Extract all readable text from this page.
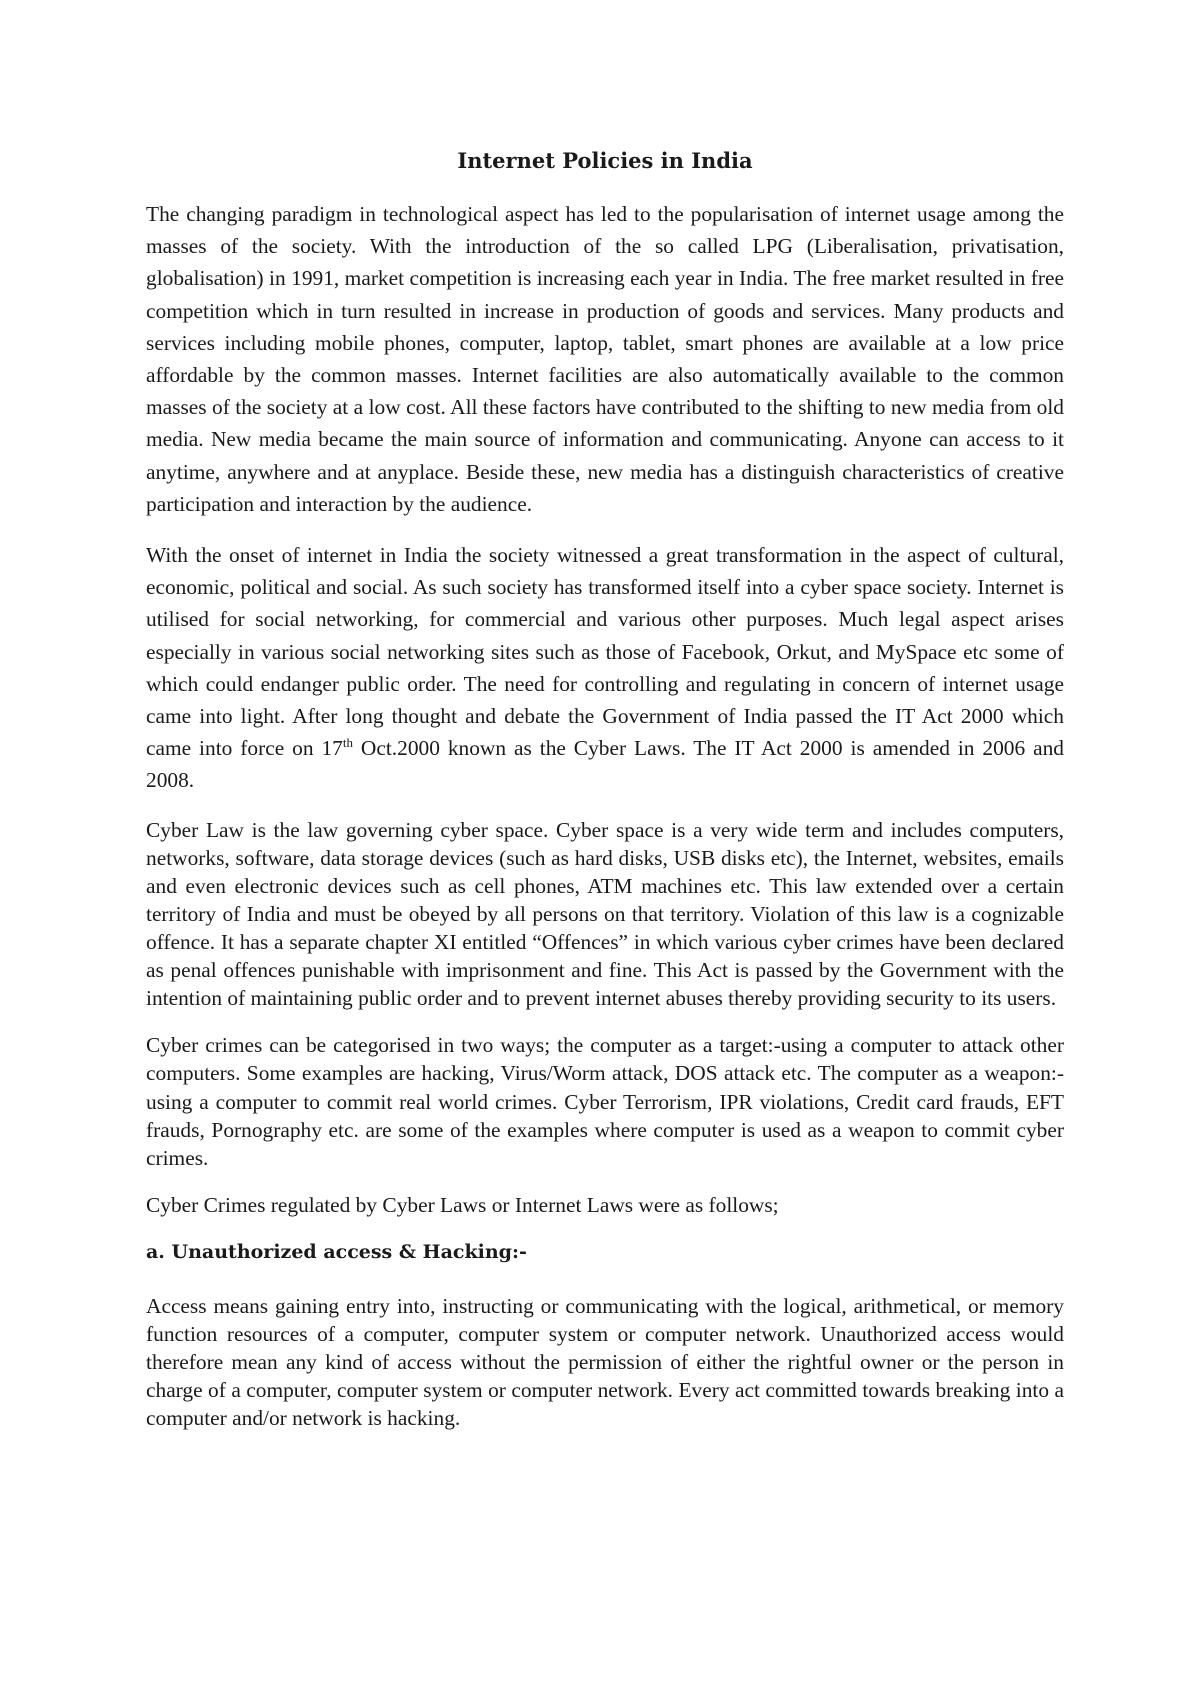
Internet Policies in India

The changing paradigm in technological aspect has led to the popularisation of internet usage among the masses of the society. With the introduction of the so called LPG (Liberalisation, privatisation, globalisation) in 1991, market competition is increasing each year in India. The free market resulted in free competition which in turn resulted in increase in production of goods and services. Many products and services including mobile phones, computer, laptop, tablet, smart phones are available at a low price affordable by the common masses. Internet facilities are also automatically available to the common masses of the society at a low cost. All these factors have contributed to the shifting to new media from old media. New media became the main source of information and communicating. Anyone can access to it anytime, anywhere and at anyplace. Beside these, new media has a distinguish characteristics of creative participation and interaction by the audience.

With the onset of internet in India the society witnessed a great transformation in the aspect of cultural, economic, political and social. As such society has transformed itself into a cyber space society. Internet is utilised for social networking, for commercial and various other purposes. Much legal aspect arises especially in various social networking sites such as those of Facebook, Orkut, and MySpace etc some of which could endanger public order. The need for controlling and regulating in concern of internet usage came into light. After long thought and debate the Government of India passed the IT Act 2000 which came into force on 17th Oct.2000 known as the Cyber Laws. The IT Act 2000 is amended in 2006 and 2008.

Cyber Law is the law governing cyber space. Cyber space is a very wide term and includes computers, networks, software, data storage devices (such as hard disks, USB disks etc), the Internet, websites, emails and even electronic devices such as cell phones, ATM machines etc. This law extended over a certain territory of India and must be obeyed by all persons on that territory. Violation of this law is a cognizable offence. It has a separate chapter XI entitled “Offences” in which various cyber crimes have been declared as penal offences punishable with imprisonment and fine. This Act is passed by the Government with the intention of maintaining public order and to prevent internet abuses thereby providing security to its users.

Cyber crimes can be categorised in two ways; the computer as a target:-using a computer to attack other computers. Some examples are hacking, Virus/Worm attack, DOS attack etc. The computer as a weapon:-using a computer to commit real world crimes. Cyber Terrorism, IPR violations, Credit card frauds, EFT frauds, Pornography etc. are some of the examples where computer is used as a weapon to commit cyber crimes.

Cyber Crimes regulated by Cyber Laws or Internet Laws were as follows;

a. Unauthorized access & Hacking:-

Access means gaining entry into, instructing or communicating with the logical, arithmetical, or memory function resources of a computer, computer system or computer network. Unauthorized access would therefore mean any kind of access without the permission of either the rightful owner or the person in charge of a computer, computer system or computer network. Every act committed towards breaking into a computer and/or network is hacking.
